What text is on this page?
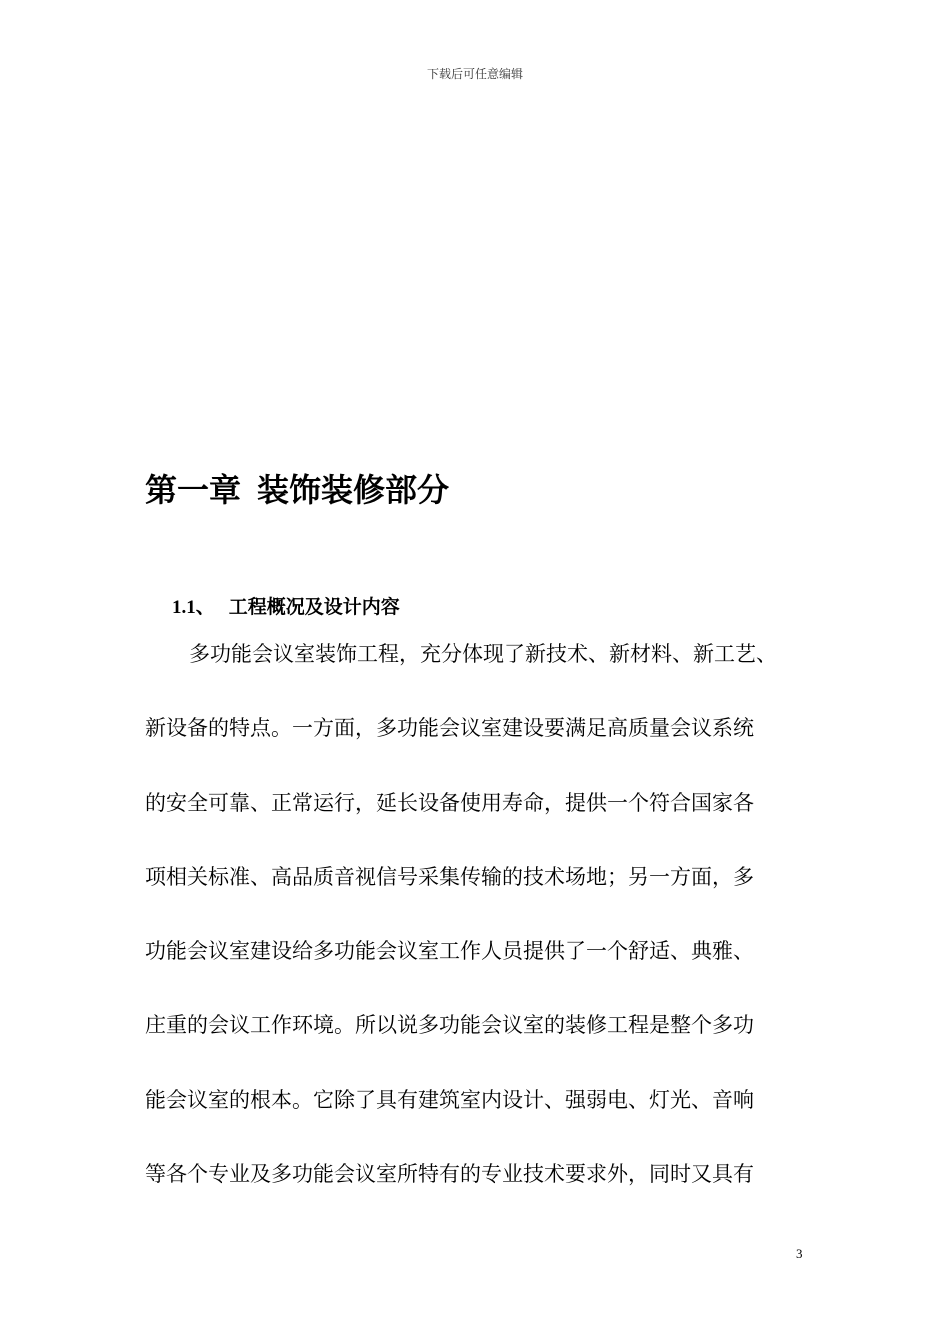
下载后可任意编辑
第一章 装饰装修部分
1.1、 工程概况及设计内容
多功能会议室装饰工程，充分体现了新技术、新材料、新工艺、
新设备的特点。一方面，多功能会议室建设要满足高质量会议系统
的安全可靠、正常运行，延长设备使用寿命，提供一个符合国家各
项相关标准、高品质音视信号采集传输的技术场地；另一方面，多
功能会议室建设给多功能会议室工作人员提供了一个舒适、典雅、
庄重的会议工作环境。所以说多功能会议室的装修工程是整个多功
能会议室的根本。它除了具有建筑室内设计、强弱电、灯光、音响
等各个专业及多功能会议室所特有的专业技术要求外，同时又具有
3
